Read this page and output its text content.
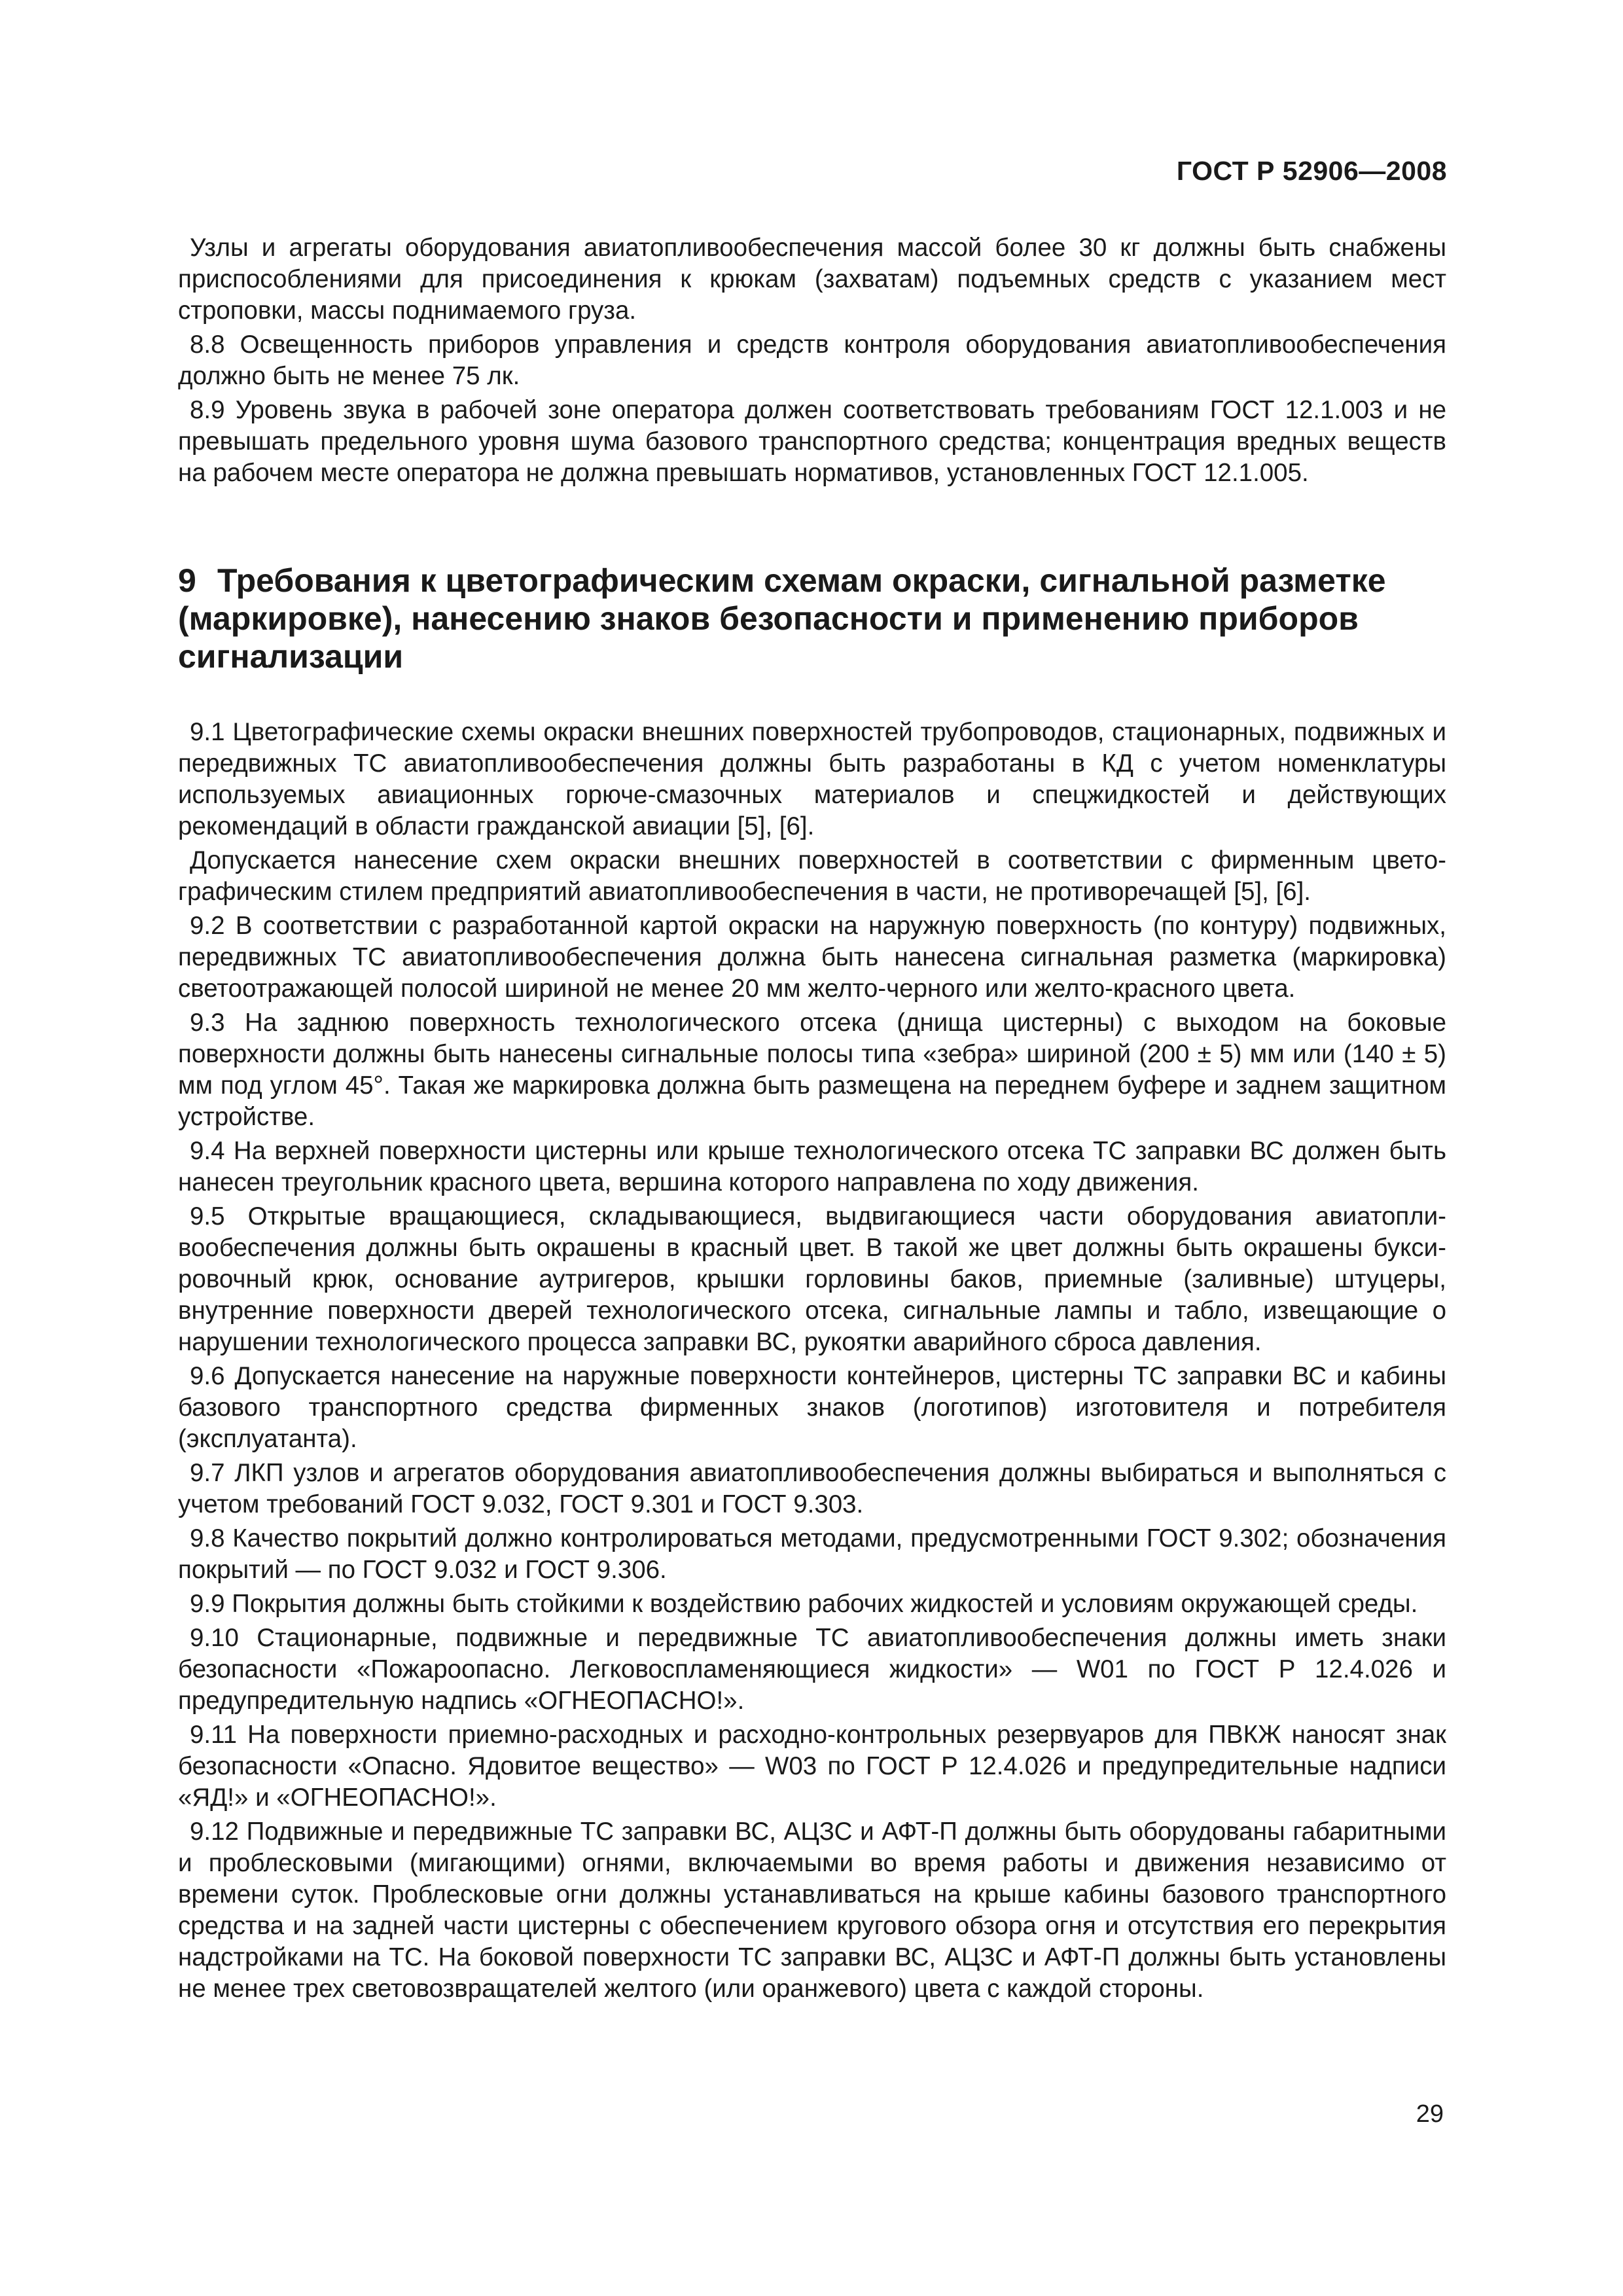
ГОСТ Р 52906—2008

Узлы и агрегаты оборудования авиатопливообеспечения массой более 30 кг должны быть снабжены приспособлениями для присоединения к крюкам (захватам) подъемных средств с указанием мест строповки, массы поднимаемого груза.

8.8 Освещенность приборов управления и средств контроля оборудования авиатопливообеспечения должно быть не менее 75 лк.

8.9 Уровень звука в рабочей зоне оператора должен соответствовать требованиям ГОСТ 12.1.003 и не превышать предельного уровня шума базового транспортного средства; концентрация вредных веществ на рабочем месте оператора не должна превышать нормативов, установленных ГОСТ 12.1.005.

9 Требования к цветографическим схемам окраски, сигнальной разметке (маркировке), нанесению знаков безопасности и применению приборов сигнализации

9.1 Цветографические схемы окраски внешних поверхностей трубопроводов, стационарных, подвижных и передвижных ТС авиатопливообеспечения должны быть разработаны в КД с учетом номенклатуры используемых авиационных горюче-смазочных материалов и спецжидкостей и действующих рекомендаций в области гражданской авиации [5], [6].

Допускается нанесение схем окраски внешних поверхностей в соответствии с фирменным цветографическим стилем предприятий авиатопливообеспечения в части, не противоречащей [5], [6].

9.2 В соответствии с разработанной картой окраски на наружную поверхность (по контуру) подвижных, передвижных ТС авиатопливообеспечения должна быть нанесена сигнальная разметка (маркировка) светоотражающей полосой шириной не менее 20 мм желто-черного или желто-красного цвета.

9.3 На заднюю поверхность технологического отсека (днища цистерны) с выходом на боковые поверхности должны быть нанесены сигнальные полосы типа «зебра» шириной (200 ± 5) мм или (140 ± 5) мм под углом 45°. Такая же маркировка должна быть размещена на переднем буфере и заднем защитном устройстве.

9.4 На верхней поверхности цистерны или крыше технологического отсека ТС заправки ВС должен быть нанесен треугольник красного цвета, вершина которого направлена по ходу движения.

9.5 Открытые вращающиеся, складывающиеся, выдвигающиеся части оборудования авиатопливообеспечения должны быть окрашены в красный цвет. В такой же цвет должны быть окрашены буксировочный крюк, основание аутригеров, крышки горловины баков, приемные (заливные) штуцеры, внутренние поверхности дверей технологического отсека, сигнальные лампы и табло, извещающие о нарушении технологического процесса заправки ВС, рукоятки аварийного сброса давления.

9.6 Допускается нанесение на наружные поверхности контейнеров, цистерны ТС заправки ВС и кабины базового транспортного средства фирменных знаков (логотипов) изготовителя и потребителя (эксплуатанта).

9.7 ЛКП узлов и агрегатов оборудования авиатопливообеспечения должны выбираться и выполняться с учетом требований ГОСТ 9.032, ГОСТ 9.301 и ГОСТ 9.303.

9.8 Качество покрытий должно контролироваться методами, предусмотренными ГОСТ 9.302; обозначения покрытий — по ГОСТ 9.032 и ГОСТ 9.306.

9.9 Покрытия должны быть стойкими к воздействию рабочих жидкостей и условиям окружающей среды.

9.10 Стационарные, подвижные и передвижные ТС авиатопливообеспечения должны иметь знаки безопасности «Пожароопасно. Легковоспламеняющиеся жидкости» — W01 по ГОСТ Р 12.4.026 и предупредительную надпись «ОГНЕОПАСНО!».

9.11 На поверхности приемно-расходных и расходно-контрольных резервуаров для ПВКЖ наносят знак безопасности «Опасно. Ядовитое вещество» — W03 по ГОСТ Р 12.4.026 и предупредительные надписи «ЯД!» и «ОГНЕОПАСНО!».

9.12 Подвижные и передвижные ТС заправки ВС, АЦЗС и АФТ-П должны быть оборудованы габаритными и проблесковыми (мигающими) огнями, включаемыми во время работы и движения независимо от времени суток. Проблесковые огни должны устанавливаться на крыше кабины базового транспортного средства и на задней части цистерны с обеспечением кругового обзора огня и отсутствия его перекрытия надстройками на ТС. На боковой поверхности ТС заправки ВС, АЦЗС и АФТ-П должны быть установлены не менее трех световозвращателей желтого (или оранжевого) цвета с каждой стороны.

29
